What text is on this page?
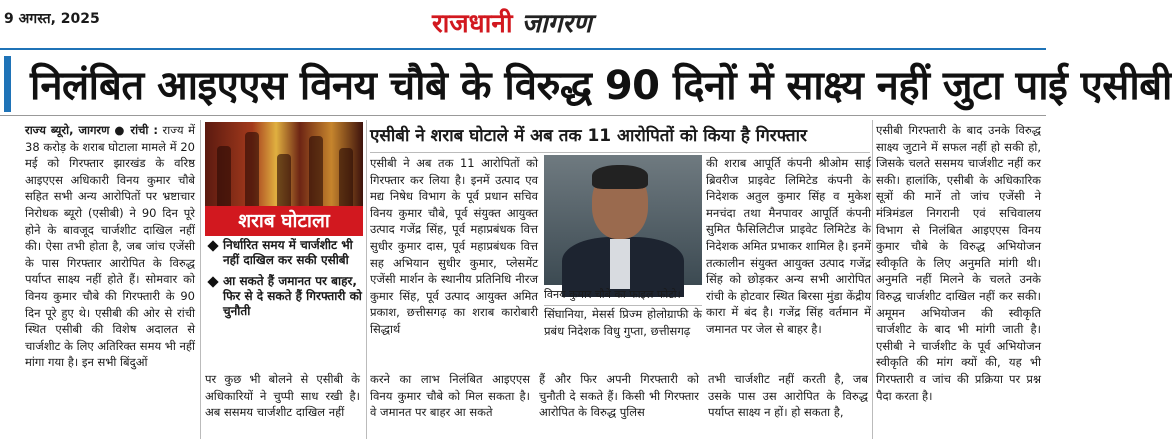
9 अगस्त, 2025	राजधानी जागरण
निलंबित आइएएस विनय चौबे के विरुद्ध 90 दिनों में साक्ष्य नहीं जुटा पाई एसीबी
राज्य ब्यूरो, जागरण ● रांची : राज्य में 38 करोड़ के शराब घोटाला मामले में 20 मई को गिरफ्तार झारखंड के वरिष्ठ आइएएस अधिकारी विनय कुमार चौबे सहित सभी अन्य आरोपितों पर भ्रष्टाचार निरोधक ब्यूरो (एसीबी) ने 90 दिन पूरे होने के बावजूद चार्जशीट दाखिल नहीं की। ऐसा तभी होता है, जब जांच एजेंसी के पास गिरफ्तार आरोपित के विरुद्ध पर्याप्त साक्ष्य नहीं होते हैं। सोमवार को विनय कुमार चौबे की गिरफ्तारी के 90 दिन पूरे हुए थे। एसीबी की ओर से रांची स्थित एसीबी की विशेष अदालत से चार्जशीट के लिए अतिरिक्त समय भी नहीं मांगा गया है। इन सभी बिंदुओं
शराब घोटाला
निर्धारित समय में चार्जशीट भी नहीं दाखिल कर सकी एसीबी
आ सकते हैं जमानत पर बाहर, फिर से दे सकते हैं गिरफ्तारी को चुनौती
पर कुछ भी बोलने से एसीबी के अधिकारियों ने चुप्पी साध रखी है। अब ससमय चार्जशीट दाखिल नहीं
एसीबी ने शराब घोटाले में अब तक 11 आरोपितों को किया है गिरफ्तार
एसीबी ने अब तक 11 आरोपितों को गिरफ्तार कर लिया है। इनमें उत्पाद एव मद्य निषेध विभाग के पूर्व प्रधान सचिव विनय कुमार चौबे, पूर्व संयुक्त आयुक्त उत्पाद गजेंद्र सिंह, पूर्व महाप्रबंधक वित्त सुधीर कुमार दास, पूर्व महाप्रबंधक वित्त सह अभियान सुधीर कुमार, प्लेसमेंट एजेंसी मार्शन के स्थानीय प्रतिनिधि नीरज कुमार सिंह, पूर्व उत्पाद आयुक्त अमित प्रकाश, छत्तीसगढ़ का शराब कारोबारी सिद्धार्थ
विनय कुमार चौबे का फाइल फोटो।
सिंघानिया, मेसर्स प्रिज्म होलोग्राफी के प्रबंध निदेशक विधु गुप्ता, छत्तीसगढ़
की शराब आपूर्ति कंपनी श्रीओम साई ब्रिवरीज प्राइवेट लिमिटेड कंपनी के निदेशक अतुल कुमार सिंह व मुकेश मनचंदा तथा मैनपावर आपूर्ति कंपनी सुमित फैसिलिटीज प्राइवेट लिमिटेड के निदेशक अमित प्रभाकर शामिल है। इनमें तत्कालीन संयुक्त आयुक्त उत्पाद गजेंद्र सिंह को छोड़कर अन्य सभी आरोपित रांची के होटवार स्थित बिरसा मुंडा केंद्रीय कारा में बंद है। गजेंद्र सिंह वर्तमान में जमानत पर जेल से बाहर है।
करने का लाभ निलंबित आइएएस विनय कुमार चौबे को मिल सकता है। वे जमानत पर बाहर आ सकते
हैं और फिर अपनी गिरफ्तारी को चुनौती दे सकते हैं। किसी भी गिरफ्तार आरोपित के विरुद्ध पुलिस
तभी चार्जशीट नहीं करती है, जब उसके पास उस आरोपित के विरुद्ध पर्याप्त साक्ष्य न हों। हो सकता है,
एसीबी गिरफ्तारी के बाद उनके विरुद्ध साक्ष्य जुटाने में सफल नहीं हो सकी हो, जिसके चलते ससमय चार्जशीट नहीं कर सकी। हालांकि, एसीबी के अधिकारिक सूत्रों की मानें तो जांच एजेंसी ने मंत्रिमंडल निगरानी एवं सचिवालय विभाग से निलंबित आइएएस विनय कुमार चौबे के विरुद्ध अभियोजन स्वीकृति के लिए अनुमति मांगी थी। अनुमति नहीं मिलने के चलते उनके विरुद्ध चार्जशीट दाखिल नहीं कर सकी। अमूमन अभियोजन की स्वीकृति चार्जशीट के बाद भी मांगी जाती है। एसीबी ने चार्जशीट के पूर्व अभियोजन स्वीकृति की मांग क्यों की, यह भी गिरफ्तारी व जांच की प्रक्रिया पर प्रश्न पैदा करता है।
